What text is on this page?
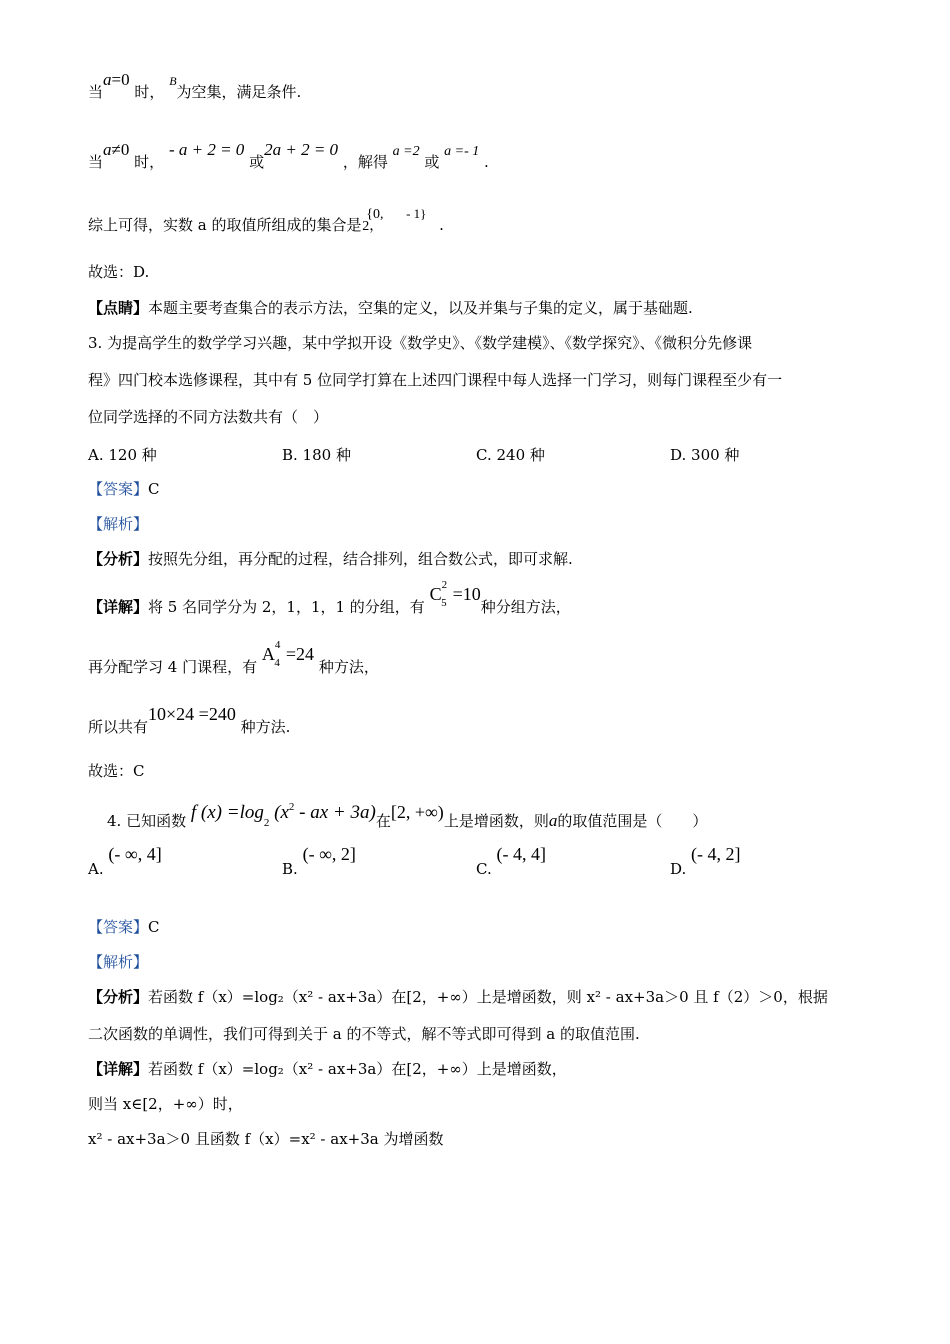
当a=0 时， $^B$为空集，满足条件.
当a≠0 时， - a + 2 = 0 或2a + 2 = 0 ，解得 a =2 或 a =- 1 .
综上可得，实数 a 的取值所组成的集合是 {0, 2， - 1} .
故选：D.
【点睛】本题主要考查集合的表示方法，空集的定义，以及并集与子集的定义，属于基础题.
3. 为提高学生的数学学习兴趣，某中学拟开设《数学史》、《数学建模》、《数学探究》、《微积分先修课
程》四门校本选修课程，其中有 5 位同学打算在上述四门课程中每人选择一门学习，则每门课程至少有一
位同学选择的不同方法数共有（　）
A. 120 种	B. 180 种	C. 240 种	D. 300 种
【答案】C
【解析】
【分析】按照先分组，再分配的过程，结合排列，组合数公式，即可求解.
【详解】将 5 名同学分为 2，1，1，1 的分组，有 $C^{25} =10$种分组方法，
再分配学习 4 门课程，有 $A^{44} =24$ 种方法，
所以共有10×24 =240 种方法.
故选：C
4. 已知函数 f (x) =log2 ($x^2$ - ax + 3a)在[2, +∞)上是增函数，则a的取值范围是（　　）
A. (- ∞, 4]
B. (- ∞, 2]
C. (- 4, 4]
D. (- 4, 2]
【答案】C
【解析】
【分析】若函数 f（x）=log₂（x² - ax+3a）在[2，+∞）上是增函数，则 x² - ax+3a＞0 且 f（2）＞0，根据
二次函数的单调性，我们可得到关于 a 的不等式，解不等式即可得到 a 的取值范围.
【详解】若函数 f（x）=log₂（x² - ax+3a）在[2，+∞）上是增函数，
则当 x∈[2，+∞）时，
x² - ax+3a＞0 且函数 f（x）=x² - ax+3a 为增函数
